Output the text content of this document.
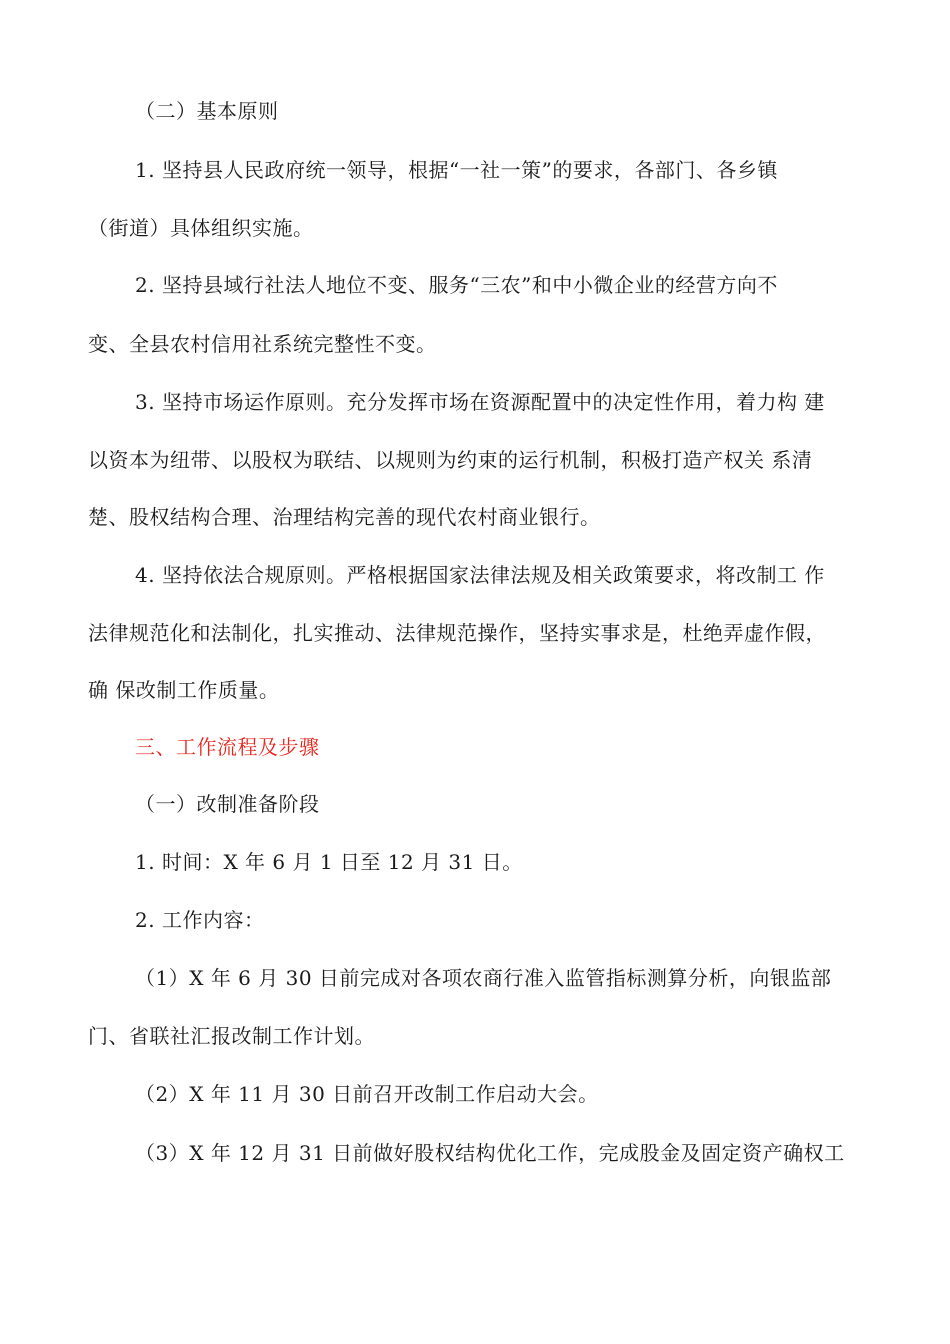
（二）基本原则
1. 坚持县人民政府统一领导，根据“一社一策”的要求，各部门、各乡镇
（街道）具体组织实施。
2. 坚持县域行社法人地位不变、服务“三农”和中小微企业的经营方向不
变、全县农村信用社系统完整性不变。
3. 坚持市场运作原则。充分发挥市场在资源配置中的决定性作用，着力构 建
以资本为纽带、以股权为联结、以规则为约束的运行机制，积极打造产权关 系清
楚、股权结构合理、治理结构完善的现代农村商业银行。
4. 坚持依法合规原则。严格根据国家法律法规及相关政策要求，将改制工 作
法律规范化和法制化，扎实推动、法律规范操作，坚持实事求是，杜绝弄虚作假，
确 保改制工作质量。
三、工作流程及步骤
（一）改制准备阶段
1. 时间：X 年 6 月 1 日至 12 月 31 日。
2. 工作内容：
（1）X 年 6 月 30 日前完成对各项农商行准入监管指标测算分析，向银监部
门、省联社汇报改制工作计划。
（2）X 年 11 月 30 日前召开改制工作启动大会。
（3）X 年 12 月 31 日前做好股权结构优化工作，完成股金及固定资产确权工
